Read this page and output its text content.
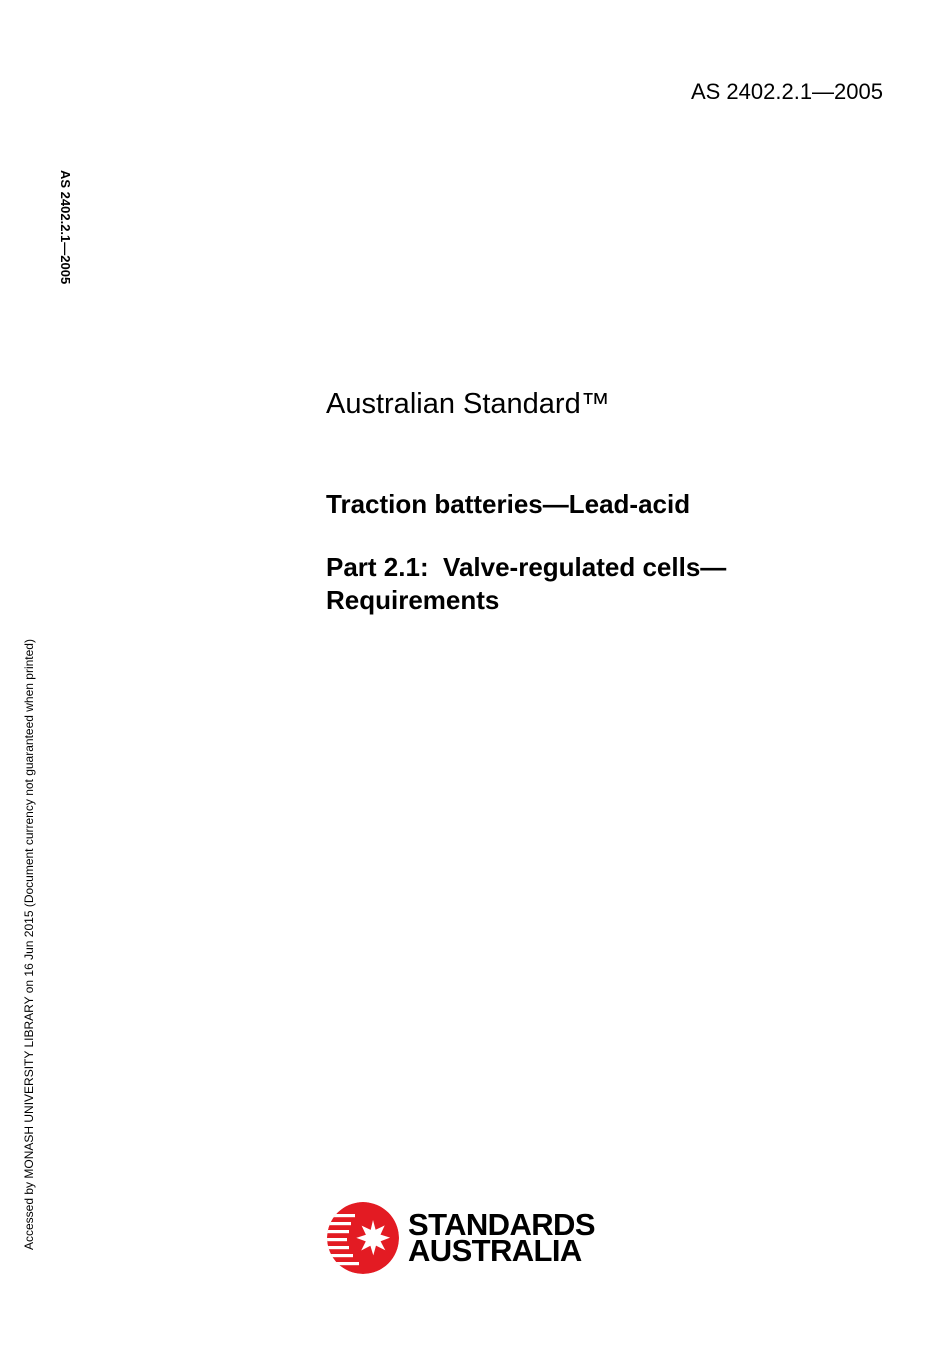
AS 2402.2.1—2005
AS 2402.2.1—2005
Accessed by MONASH UNIVERSITY LIBRARY on 16 Jun 2015 (Document currency not guaranteed when printed)
Australian Standard™
Traction batteries—Lead-acid
Part 2.1:  Valve-regulated cells—
Requirements
STANDARDS
AUSTRALIA
